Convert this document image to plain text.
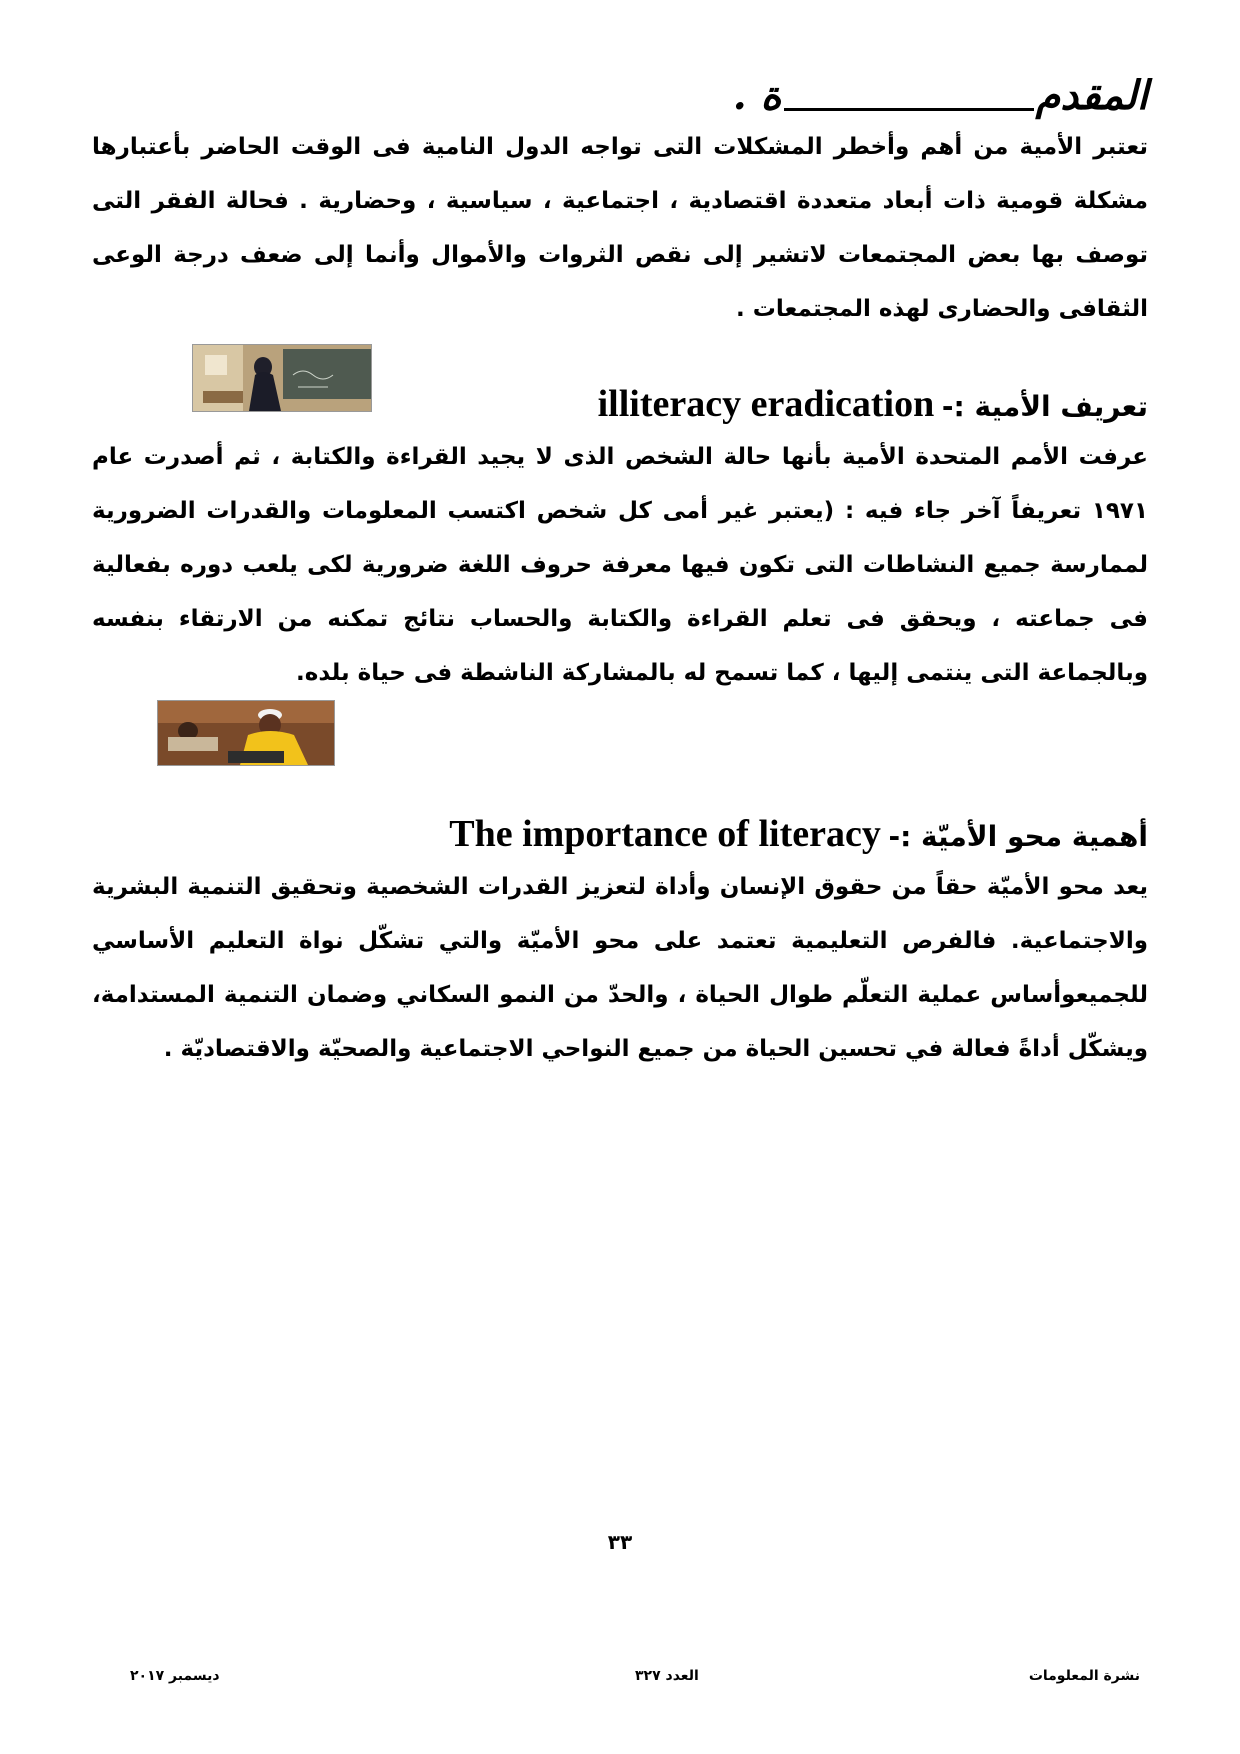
المقدمة .

تعتبر الأمية من أهم وأخطر المشكلات التى تواجه الدول النامية فى الوقت الحاضر بأعتبارها مشكلة قومية ذات أبعاد متعددة اقتصادية ، اجتماعية ، سياسية ، وحضارية . فحالة الفقر التى توصف بها بعض المجتمعات لاتشير إلى نقص الثروات والأموال وأنما إلى ضعف درجة الوعى الثقافى والحضارى لهذه المجتمعات .

تعريف الأمية :- illiteracy eradication

عرفت الأمم المتحدة الأمية بأنها حالة الشخص الذى لا يجيد القراءة والكتابة ، ثم أصدرت عام ١٩٧١ تعريفاً آخر جاء فيه : (يعتبر غير أمى كل شخص اكتسب المعلومات والقدرات الضرورية لممارسة جميع النشاطات التى تكون فيها معرفة حروف اللغة ضرورية لكى يلعب دوره بفعالية فى جماعته ، ويحقق فى تعلم القراءة والكتابة والحساب نتائج تمكنه من الارتقاء بنفسه وبالجماعة التى ينتمى إليها ، كما تسمح له بالمشاركة الناشطة فى حياة بلده.

أهمية محو الأميّة :- The importance of literacy

يعد محو الأميّة حقاً من حقوق الإنسان وأداة لتعزيز القدرات الشخصية وتحقيق التنمية البشرية والاجتماعية. فالفرص التعليمية تعتمد على محو الأميّة والتي تشكّل نواة التعليم الأساسي للجميعوأساس عملية التعلّم طوال الحياة ، والحدّ من النمو السكاني وضمان التنمية المستدامة، ويشكّل أداةً فعالة في تحسين الحياة من جميع النواحي الاجتماعية والصحيّة والاقتصاديّة .

٣٣
نشرة المعلومات
العدد ٣٢٧
ديسمبر ٢٠١٧
